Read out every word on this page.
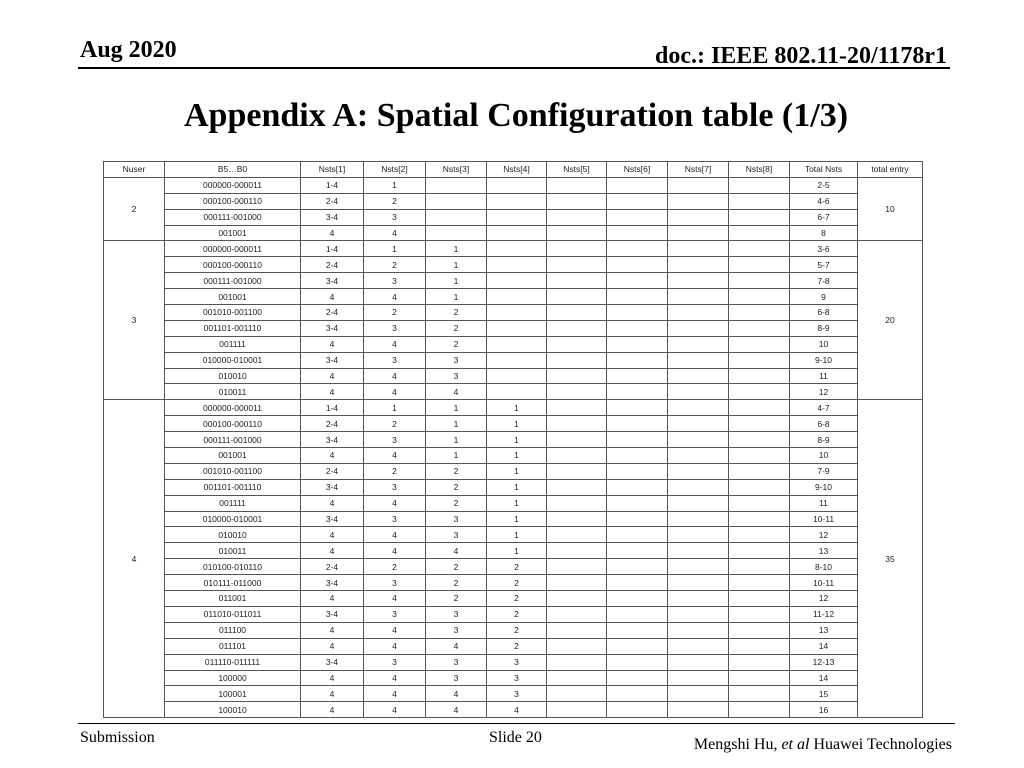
Aug 2020	doc.: IEEE 802.11-20/1178r1
Appendix A: Spatial Configuration table (1/3)
Nuser	B5…B0	Nsts[1]	Nsts[2]	Nsts[3]	Nsts[4]	Nsts[5]	Nsts[6]	Nsts[7]	Nsts[8]	Total Nsts	total entry
2	000000-000011	1-4	1							2-5	10
	000100-000110	2-4	2							4-6	
	000111-001000	3-4	3							6-7	
	001001	4	4							8	
3	000000-000011	1-4	1	1						3-6	20
	000100-000110	2-4	2	1						5-7	
	000111-001000	3-4	3	1						7-8	
	001001	4	4	1						9	
	001010-001100	2-4	2	2						6-8	
	001101-001110	3-4	3	2						8-9	
	001111	4	4	2						10	
	010000-010001	3-4	3	3						9-10	
	010010	4	4	3						11	
	010011	4	4	4						12	
4	000000-000011	1-4	1	1	1					4-7	35
	000100-000110	2-4	2	1	1					6-8	
	000111-001000	3-4	3	1	1					8-9	
	001001	4	4	1	1					10	
	001010-001100	2-4	2	2	1					7-9	
	001101-001110	3-4	3	2	1					9-10	
	001111	4	4	2	1					11	
	010000-010001	3-4	3	3	1					10-11	
	010010	4	4	3	1					12	
	010011	4	4	4	1					13	
	010100-010110	2-4	2	2	2					8-10	
	010111-011000	3-4	3	2	2					10-11	
	011001	4	4	2	2					12	
	011010-011011	3-4	3	3	2					11-12	
	011100	4	4	3	2					13	
	011101	4	4	4	2					14	
	011110-011111	3-4	3	3	3					12-13	
	100000	4	4	3	3					14	
	100001	4	4	4	3					15	
	100010	4	4	4	4					16	
Submission	Slide 20	Mengshi Hu, et al Huawei Technologies
